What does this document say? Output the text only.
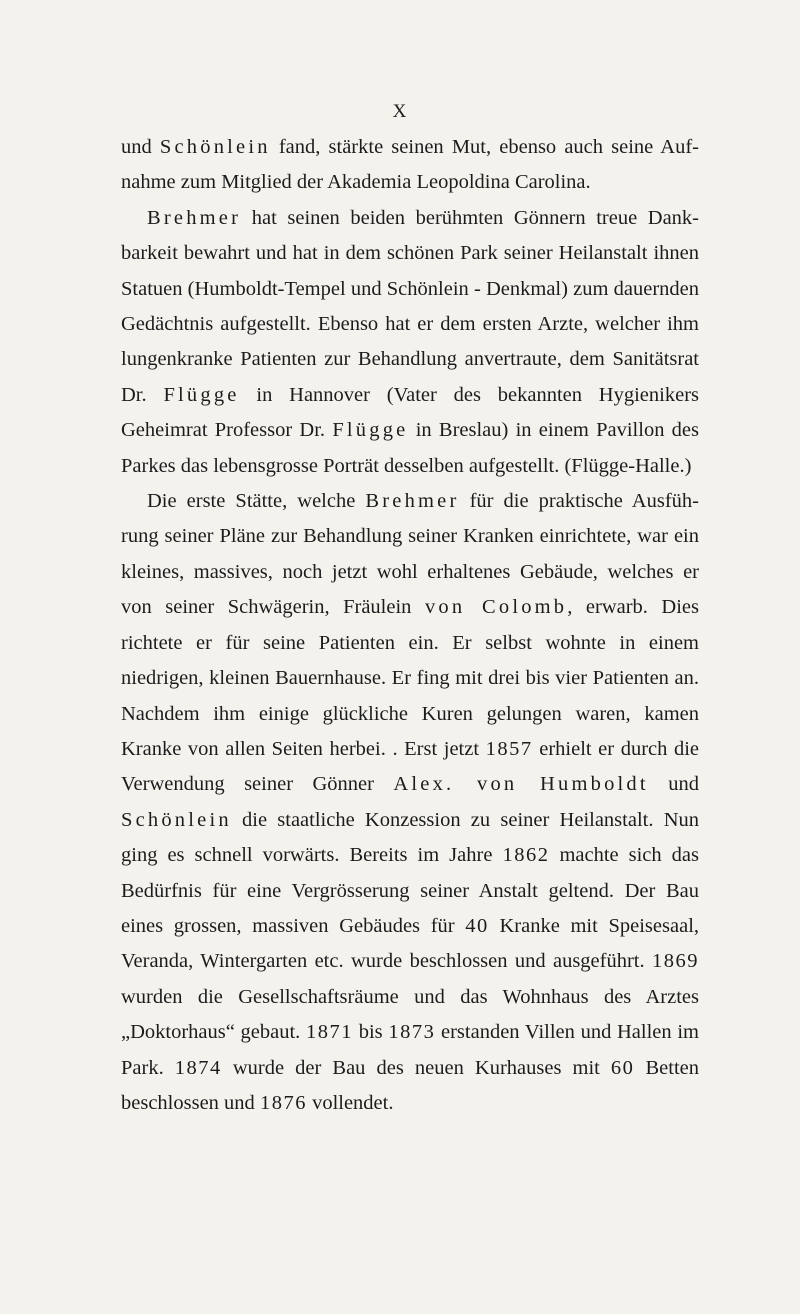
X

und Schönlein fand, stärkte seinen Mut, ebenso auch seine Auf- nahme zum Mitglied der Akademia Leopoldina Carolina.

Brehmer hat seinen beiden berühmten Gönnern treue Dank- barkeit bewahrt und hat in dem schönen Park seiner Heilanstalt ihnen Statuen (Humboldt-Tempel und Schönlein - Denkmal) zum dauernden Gedächtnis aufgestellt. Ebenso hat er dem ersten Arzte, welcher ihm lungenkranke Patienten zur Behandlung anvertraute, dem Sanitätsrat Dr. Flügge in Hannover (Vater des bekannten Hygienikers Geheimrat Professor Dr. Flügge in Breslau) in einem Pavillon des Parkes das lebensgrosse Porträt desselben aufgestellt. (Flügge-Halle.)

Die erste Stätte, welche Brehmer für die praktische Ausfüh- rung seiner Pläne zur Behandlung seiner Kranken einrichtete, war ein kleines, massives, noch jetzt wohl erhaltenes Gebäude, welches er von seiner Schwägerin, Fräulein von Colomb, erwarb. Dies richtete er für seine Patienten ein. Er selbst wohnte in einem niedrigen, kleinen Bauernhause. Er fing mit drei bis vier Patienten an. Nachdem ihm einige glückliche Kuren gelungen waren, kamen Kranke von allen Seiten herbei. . Erst jetzt 1857 erhielt er durch die Verwendung seiner Gönner Alex. von Humboldt und Schönlein die staatliche Konzession zu seiner Heilanstalt. Nun ging es schnell vorwärts. Bereits im Jahre 1862 machte sich das Bedürfnis für eine Vergrösserung seiner Anstalt geltend. Der Bau eines grossen, massiven Gebäudes für 40 Kranke mit Speisesaal, Veranda, Wintergarten etc. wurde beschlossen und ausgeführt. 1869 wurden die Gesellschaftsräume und das Wohnhaus des Arztes „Doktorhaus“ gebaut. 1871 bis 1873 erstanden Villen und Hallen im Park. 1874 wurde der Bau des neuen Kurhauses mit 60 Betten beschlossen und 1876 vollendet.
